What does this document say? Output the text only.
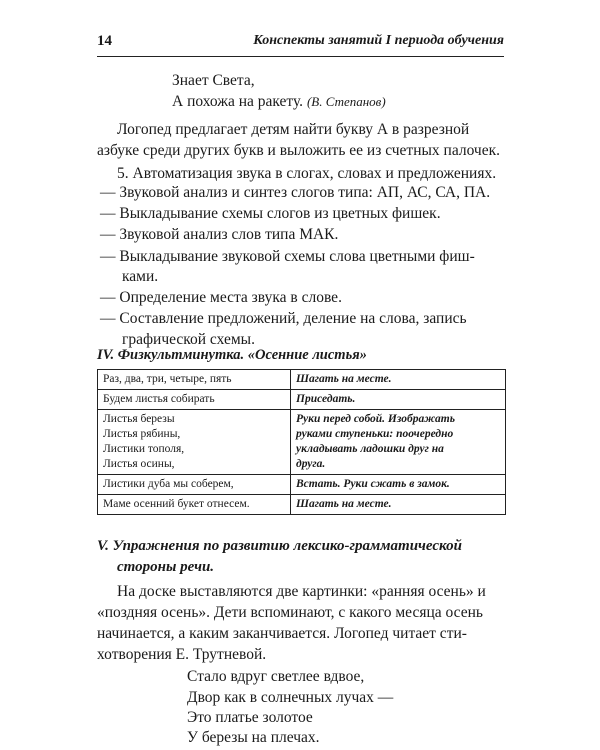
14	Конспекты занятий I периода обучения
Знает Света,
А похожа на ракету. (В. Степанов)
Логопед предлагает детям найти букву А в разрезной
азбуке среди других букв и выложить ее из счетных палочек.
5. Автоматизация звука в слогах, словах и предложениях.
— Звуковой анализ и синтез слогов типа: АП, АС, СА, ПА.
— Выкладывание схемы слогов из цветных фишек.
— Звуковой анализ слов типа МАК.
— Выкладывание звуковой схемы слова цветными фиш-
ками.
— Определение места звука в слове.
— Составление предложений, деление на слова, запись
графической схемы.
IV. Физкультминутка. «Осенние листья»
Раз, два, три, четыре, пять	Шагать на месте.
Будем листья собирать	Приседать.
Листья березы
Листья рябины,
Листики тополя,
Листья осины,	Руки перед собой. Изображать
руками ступеньки: поочередно
укладывать ладошки друг на
друга.
Листики дуба мы соберем,	Встать. Руки сжать в замок.
Маме осенний букет отнесем.	Шагать на месте.
V. Упражнения по развитию лексико-грамматической
стороны речи.
На доске выставляются две картинки: «ранняя осень» и
«поздняя осень». Дети вспоминают, с какого месяца осень
начинается, а каким заканчивается. Логопед читает сти-
хотворения Е. Трутневой.
Стало вдруг светлее вдвое,
Двор как в солнечных лучах —
Это платье золотое
У березы на плечах.
